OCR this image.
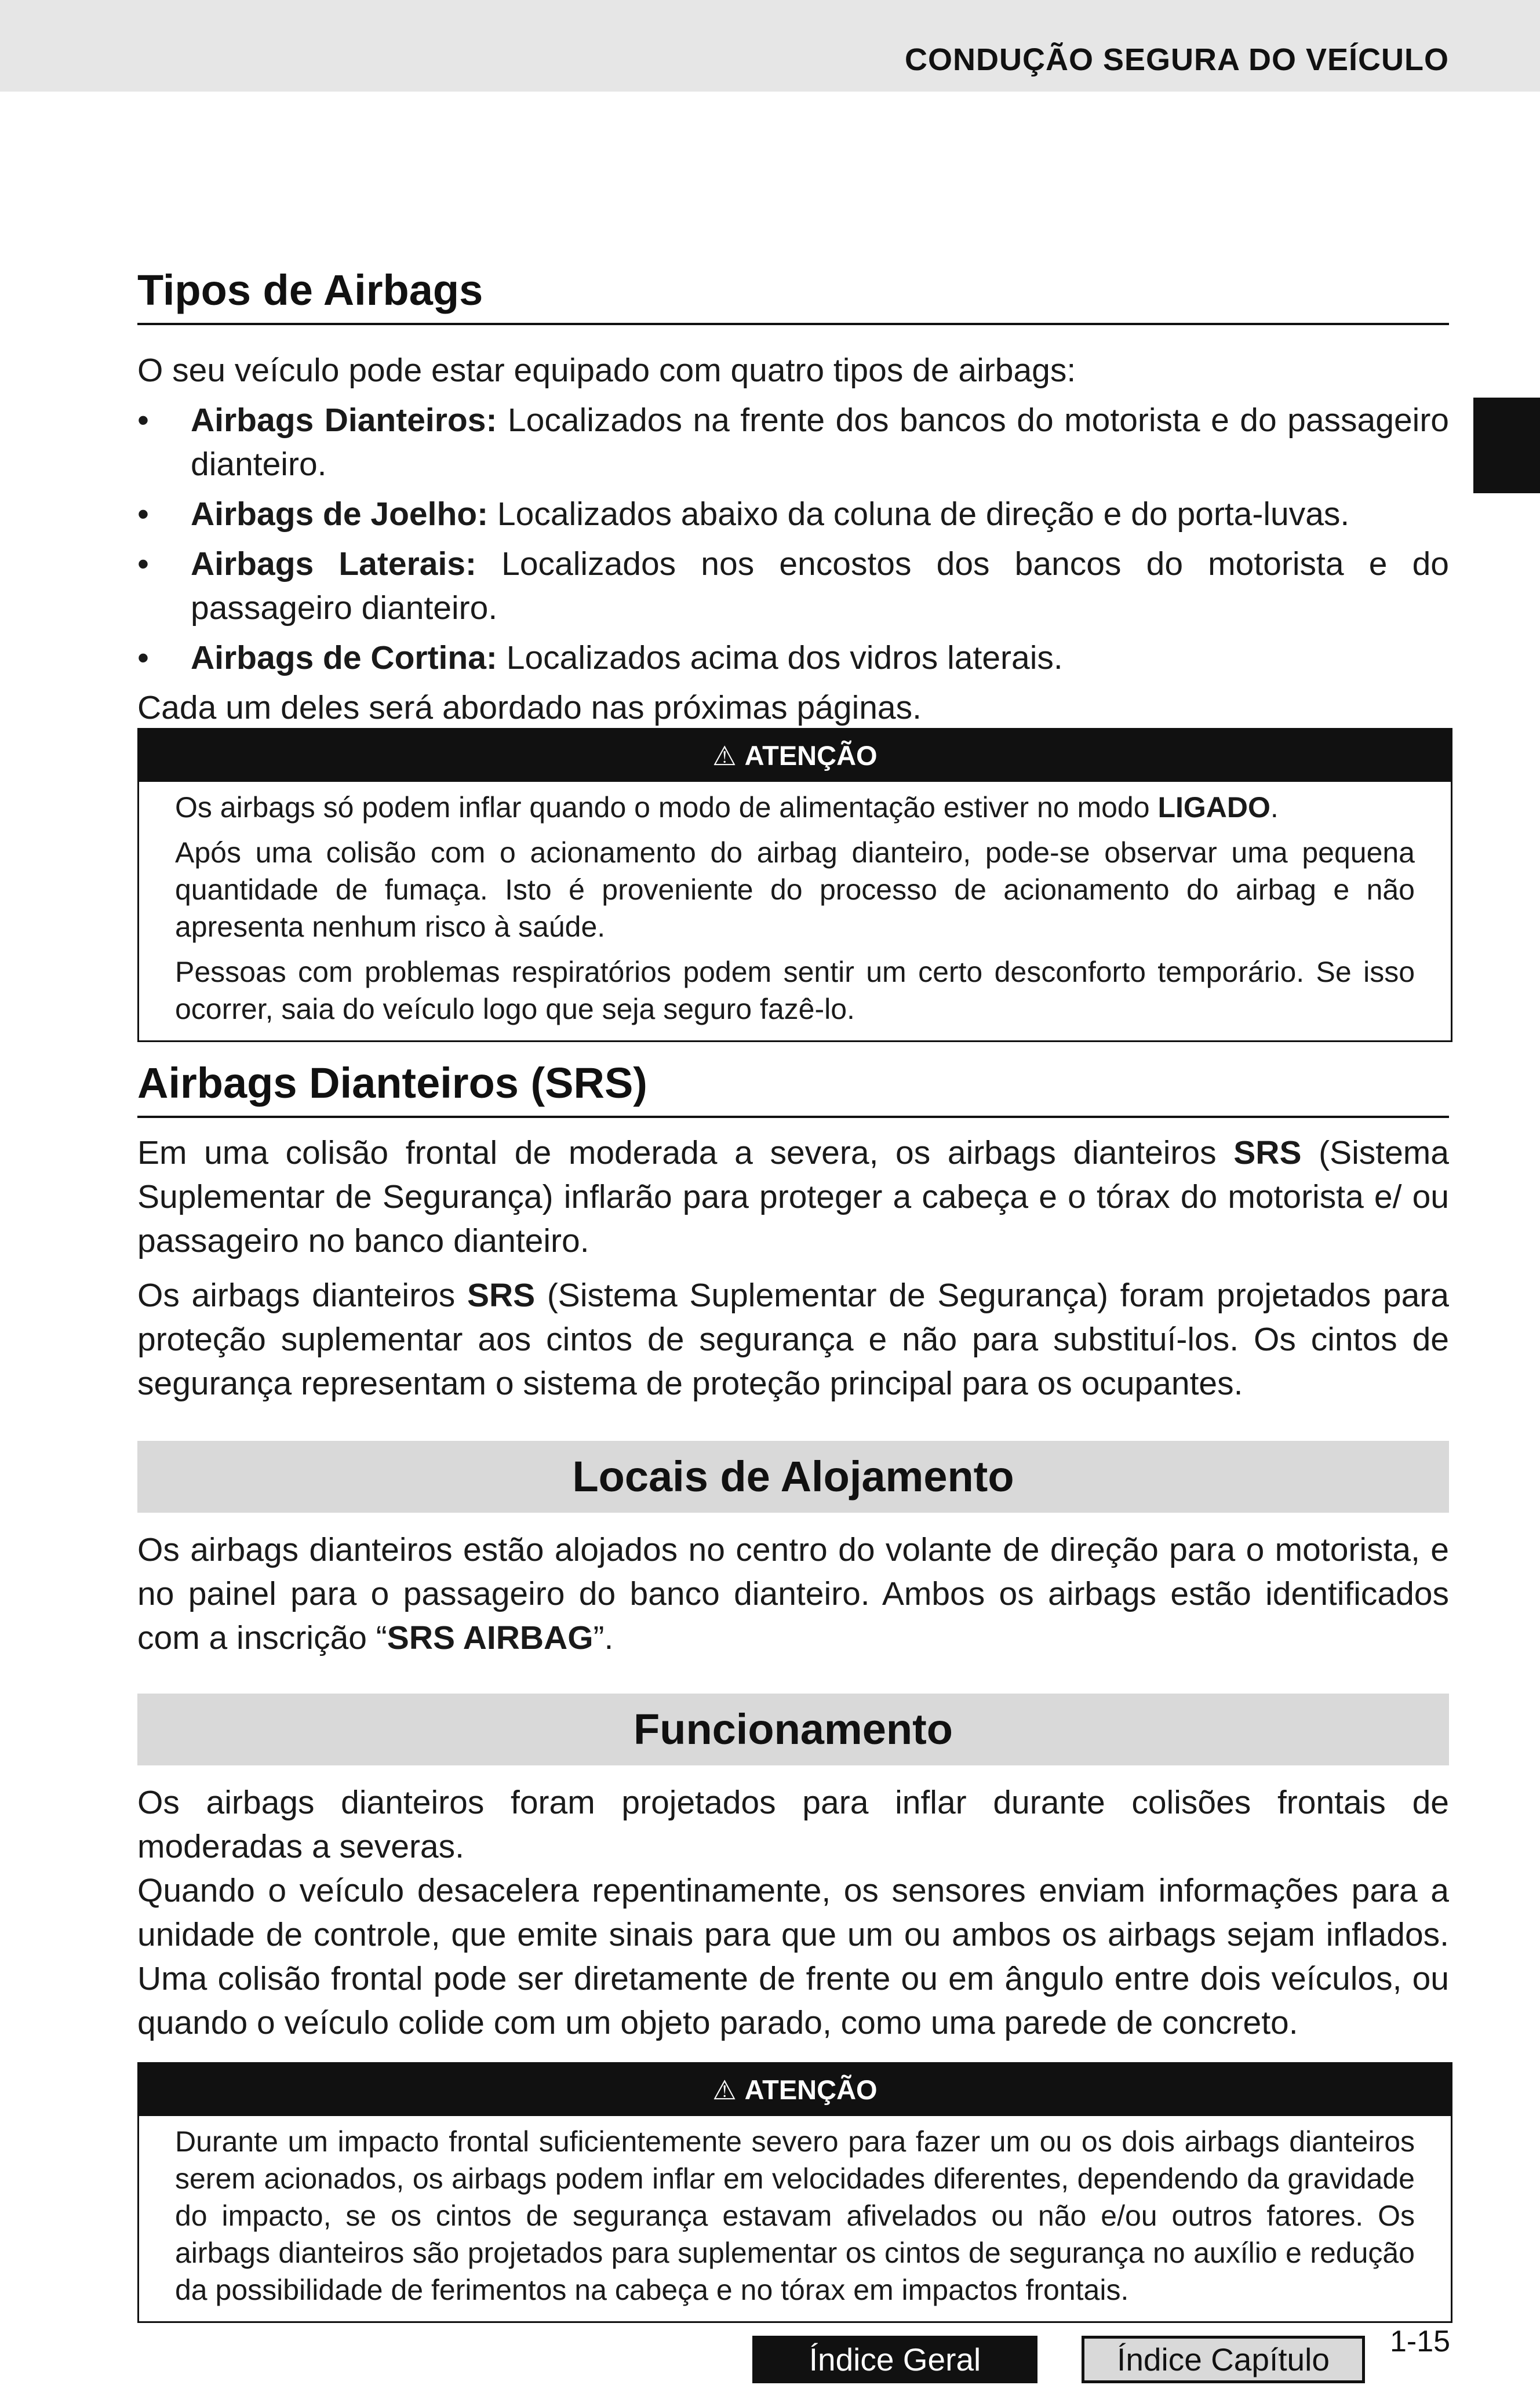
CONDUÇÃO SEGURA DO VEÍCULO
Tipos de Airbags

O seu veículo pode estar equipado com quatro tipos de airbags:

• Airbags Dianteiros: Localizados na frente dos bancos do motorista e do passageiro dianteiro.
• Airbags de Joelho: Localizados abaixo da coluna de direção e do porta-luvas.
• Airbags Laterais: Localizados nos encostos dos bancos do motorista e do passageiro dianteiro.
• Airbags de Cortina: Localizados acima dos vidros laterais.

Cada um deles será abordado nas próximas páginas.

⚠ ATENÇÃO

Os airbags só podem inflar quando o modo de alimentação estiver no modo LIGADO.

Após uma colisão com o acionamento do airbag dianteiro, pode-se observar uma pequena quantidade de fumaça. Isto é proveniente do processo de acionamento do airbag e não apresenta nenhum risco à saúde.

Pessoas com problemas respiratórios podem sentir um certo desconforto temporário. Se isso ocorrer, saia do veículo logo que seja seguro fazê-lo.

Airbags Dianteiros (SRS)

Em uma colisão frontal de moderada a severa, os airbags dianteiros SRS (Sistema Suplementar de Segurança) inflarão para proteger a cabeça e o tórax do motorista e/ ou passageiro no banco dianteiro.

Os airbags dianteiros SRS (Sistema Suplementar de Segurança) foram projetados para proteção suplementar aos cintos de segurança e não para substituí-los. Os cintos de segurança representam o sistema de proteção principal para os ocupantes.

Locais de Alojamento

Os airbags dianteiros estão alojados no centro do volante de direção para o motorista, e no painel para o passageiro do banco dianteiro. Ambos os airbags estão identificados com a inscrição “SRS AIRBAG”.

Funcionamento

Os airbags dianteiros foram projetados para inflar durante colisões frontais de moderadas a severas.

Quando o veículo desacelera repentinamente, os sensores enviam informações para a unidade de controle, que emite sinais para que um ou ambos os airbags sejam inflados. Uma colisão frontal pode ser diretamente de frente ou em ângulo entre dois veículos, ou quando o veículo colide com um objeto parado, como uma parede de concreto.

⚠ ATENÇÃO

Durante um impacto frontal suficientemente severo para fazer um ou os dois airbags dianteiros serem acionados, os airbags podem inflar em velocidades diferentes, dependendo da gravidade do impacto, se os cintos de segurança estavam afivelados ou não e/ou outros fatores. Os airbags dianteiros são projetados para suplementar os cintos de segurança no auxílio e redução da possibilidade de ferimentos na cabeça e no tórax em impactos frontais.

Índice Geral	Índice Capítulo	1-15
